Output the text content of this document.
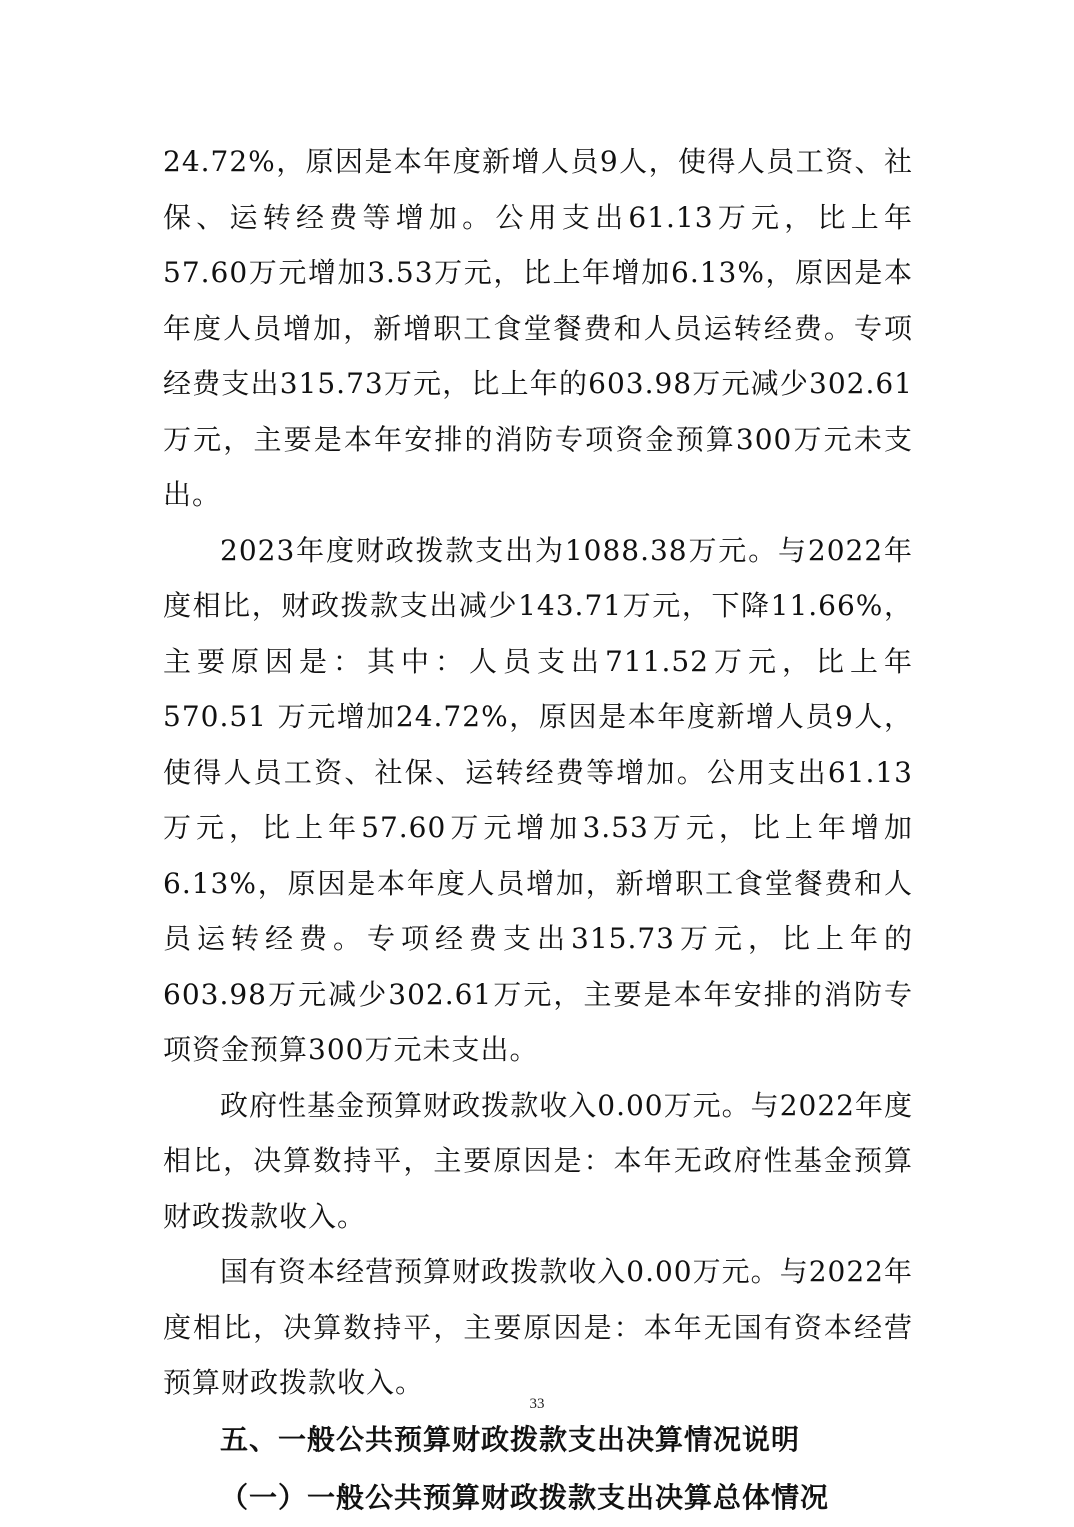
24.72%，原因是本年度新增人员9人，使得人员工资、社保、运转经费等增加。公用支出61.13万元，比上年57.60万元增加3.53万元，比上年增加6.13%，原因是本年度人员增加，新增职工食堂餐费和人员运转经费。专项经费支出315.73万元，比上年的603.98万元减少302.61万元，主要是本年安排的消防专项资金预算300万元未支出。

2023年度财政拨款支出为1088.38万元。与2022年度相比，财政拨款支出减少143.71万元，下降11.66%，主要原因是：其中：人员支出711.52万元，比上年570.51 万元增加24.72%，原因是本年度新增人员9人，使得人员工资、社保、运转经费等增加。公用支出61.13万元，比上年57.60万元增加3.53万元，比上年增加6.13%，原因是本年度人员增加，新增职工食堂餐费和人员运转经费。专项经费支出315.73万元，比上年的603.98万元减少302.61万元，主要是本年安排的消防专项资金预算300万元未支出。

政府性基金预算财政拨款收入0.00万元。与2022年度相比，决算数持平，主要原因是：本年无政府性基金预算财政拨款收入。

国有资本经营预算财政拨款收入0.00万元。与2022年度相比，决算数持平，主要原因是：本年无国有资本经营预算财政拨款收入。

五、一般公共预算财政拨款支出决算情况说明
（一）一般公共预算财政拨款支出决算总体情况
33
